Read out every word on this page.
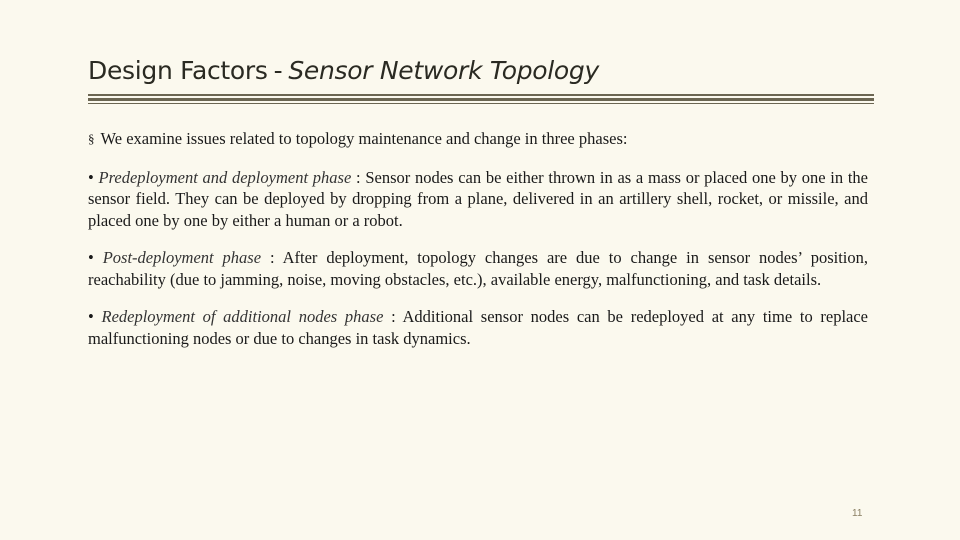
Design Factors - Sensor Network Topology

§ We examine issues related to topology maintenance and change in three phases:

• Predeployment and deployment phase : Sensor nodes can be either thrown in as a mass or placed one by one in the sensor field. They can be deployed by dropping from a plane, delivered in an artillery shell, rocket, or missile, and placed one by one by either a human or a robot.

• Post-deployment phase : After deployment, topology changes are due to change in sensor nodes’ position, reachability (due to jamming, noise, moving obstacles, etc.), available energy, malfunctioning, and task details.

• Redeployment of additional nodes phase : Additional sensor nodes can be redeployed at any time to replace malfunctioning nodes or due to changes in task dynamics.

11
